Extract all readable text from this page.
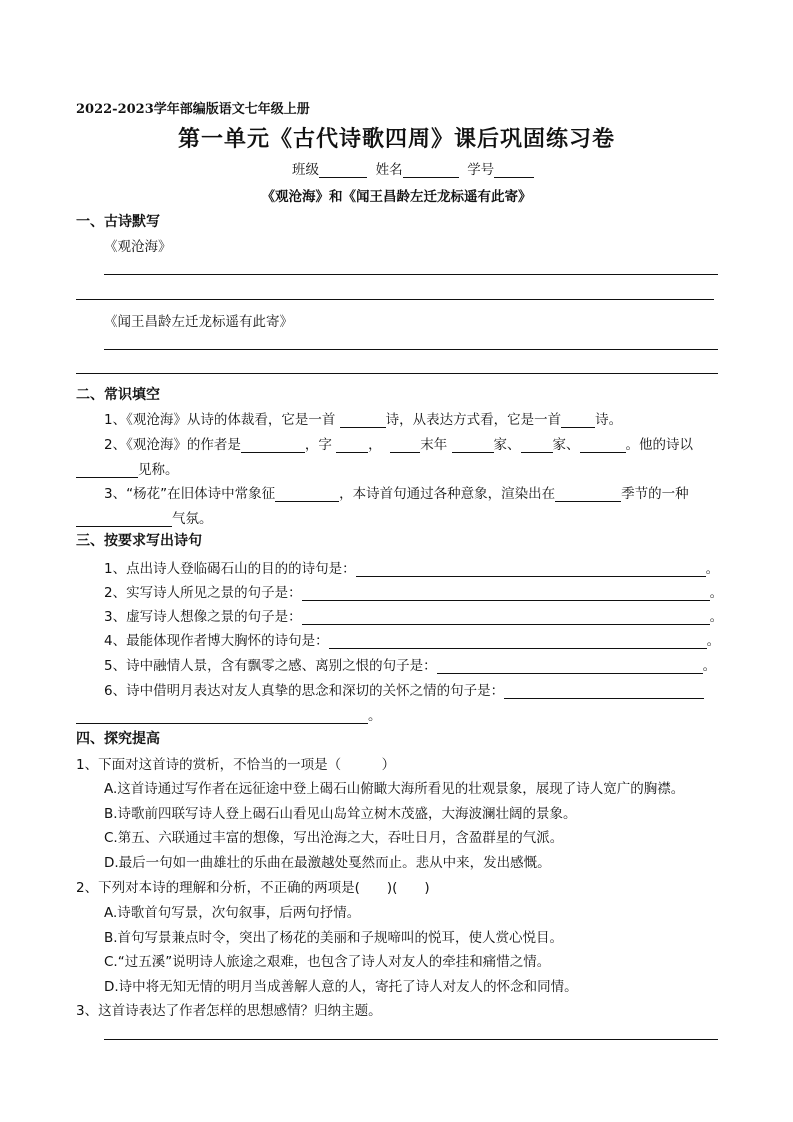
2022-2023学年部编版语文七年级上册
第一单元《古代诗歌四周》课后巩固练习卷
班级	姓名	学号
《观沧海》和《闻王昌龄左迁龙标遥有此寄》
一、古诗默写
《观沧海》
《闻王昌龄左迁龙标遥有此寄》
二、常识填空
1、《观沧海》从诗的体裁看，它是一首	诗，从表达方式看，它是一首	诗。
2、《观沧海》的作者是	，字 ，	末年	家、 家、	。他的诗以
见称。
3、“杨花”在旧体诗中常象征	，本诗首句通过各种意象，渲染出在	季节的一种
气氛。
三、按要求写出诗句
1、点出诗人登临碣石山的目的的诗句是：	。
2、实写诗人所见之景的句子是：	。
3、虚写诗人想像之景的句子是：	。
4、最能体现作者博大胸怀的诗句是：	。
5、诗中融情人景，含有飘零之感、离别之恨的句子是：	。
6、诗中借明月表达对友人真挚的思念和深切的关怀之情的句子是：
。
四、探究提高
1、下面对这首诗的赏析，不恰当的一项是（　　　）
A.这首诗通过写作者在远征途中登上碣石山俯瞰大海所看见的壮观景象，展现了诗人宽广的胸襟。
B.诗歌前四联写诗人登上碣石山看见山岛耸立树木茂盛，大海波澜壮阔的景象。
C.第五、六联通过丰富的想像，写出沧海之大，吞吐日月，含盈群星的气派。
D.最后一句如一曲雄壮的乐曲在最激越处戛然而止。悲从中来，发出感慨。
2、下列对本诗的理解和分析，不正确的两项是(　　)(　　)
A.诗歌首句写景，次句叙事，后两句抒情。
B.首句写景兼点时令，突出了杨花的美丽和子规啼叫的悦耳，使人赏心悦目。
C.“过五溪”说明诗人旅途之艰难，也包含了诗人对友人的牵挂和痛惜之情。
D.诗中将无知无情的明月当成善解人意的人，寄托了诗人对友人的怀念和同情。
3、这首诗表达了作者怎样的思想感情？归纳主题。
